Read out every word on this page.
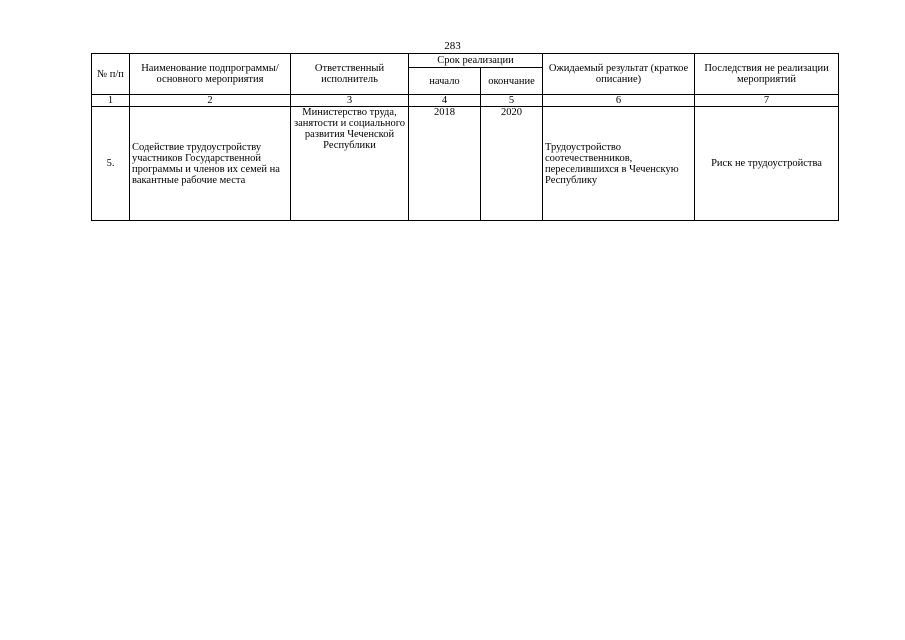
283
№ п/п	Наименование подпрограммы/ основного мероприятия	Ответственный исполнитель	Срок реализации		Ожидаемый результат (краткое описание)	Последствия не реализации мероприятий
			начало	окончание		
1	2	3	4	5	6	7
5.	Содействие трудоустройству участников Государственной программы и членов их семей на вакантные рабочие места	Министерство труда, занятости и социального развития Чеченской Республики	2018	2020	Трудоустройство соотечественников, переселившихся в Чеченскую Республику	Риск не трудоустройства
